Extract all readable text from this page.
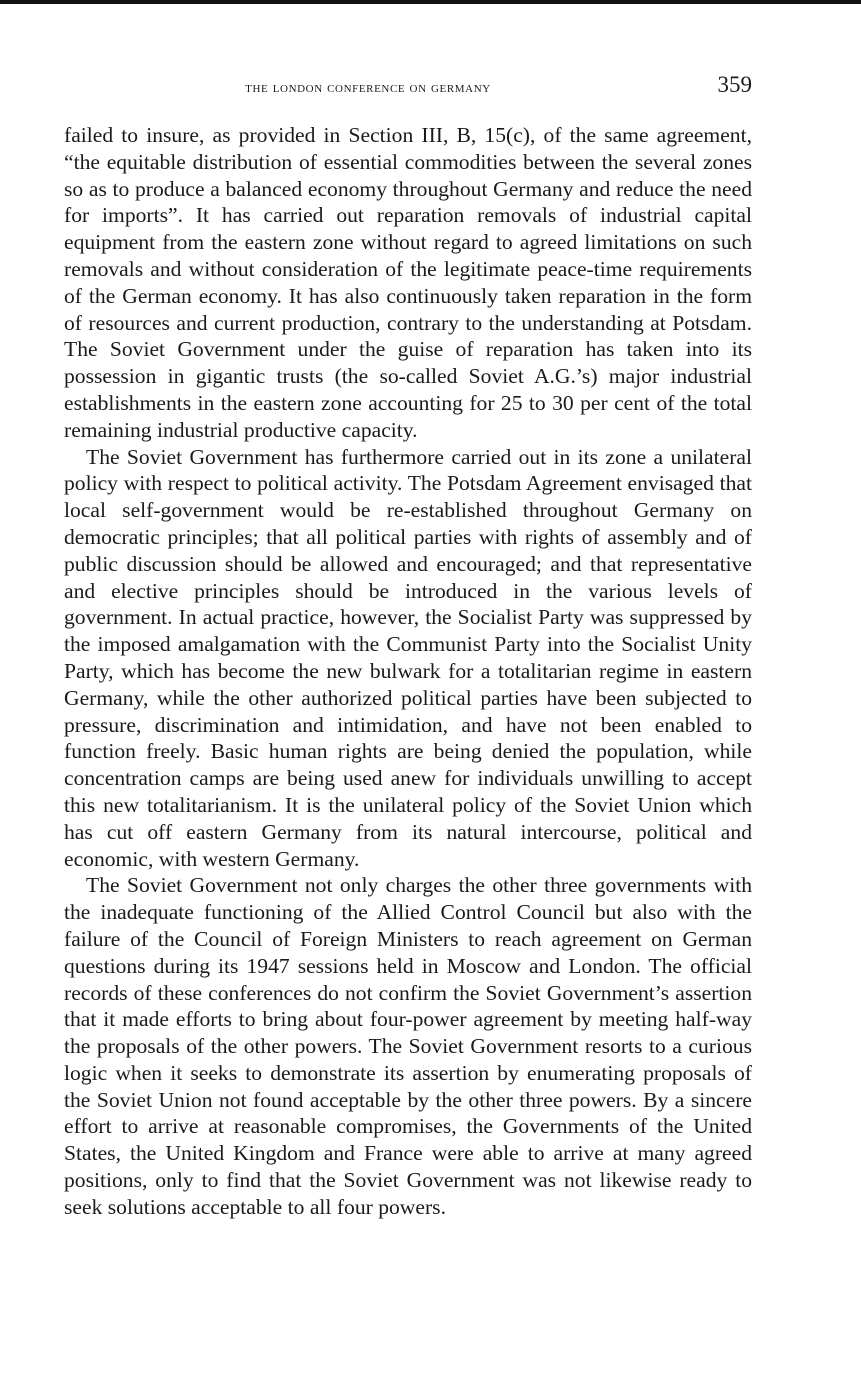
the london conference on germany	359

failed to insure, as provided in Section III, B, 15(c), of the same agreement, “the equitable distribution of essential commodities between the several zones so as to produce a balanced economy throughout Germany and reduce the need for imports”. It has carried out reparation removals of industrial capital equipment from the eastern zone without regard to agreed limitations on such removals and without consideration of the legitimate peace-time requirements of the German economy. It has also continuously taken reparation in the form of resources and current production, contrary to the understanding at Potsdam. The Soviet Government under the guise of reparation has taken into its possession in gigantic trusts (the so-called Soviet A.G.’s) major industrial establishments in the eastern zone accounting for 25 to 30 per cent of the total remaining industrial productive capacity.

The Soviet Government has furthermore carried out in its zone a unilateral policy with respect to political activity. The Potsdam Agreement envisaged that local self-government would be re-established throughout Germany on democratic principles; that all political parties with rights of assembly and of public discussion should be allowed and encouraged; and that representative and elective principles should be introduced in the various levels of government. In actual practice, however, the Socialist Party was suppressed by the imposed amalgamation with the Communist Party into the Socialist Unity Party, which has become the new bulwark for a totalitarian regime in eastern Germany, while the other authorized political parties have been subjected to pressure, discrimination and intimidation, and have not been enabled to function freely. Basic human rights are being denied the population, while concentration camps are being used anew for individuals unwilling to accept this new totalitarianism. It is the unilateral policy of the Soviet Union which has cut off eastern Germany from its natural intercourse, political and economic, with western Germany.

The Soviet Government not only charges the other three governments with the inadequate functioning of the Allied Control Council but also with the failure of the Council of Foreign Ministers to reach agreement on German questions during its 1947 sessions held in Moscow and London. The official records of these conferences do not confirm the Soviet Government’s assertion that it made efforts to bring about four-power agreement by meeting half-way the proposals of the other powers. The Soviet Government resorts to a curious logic when it seeks to demonstrate its assertion by enumerating proposals of the Soviet Union not found acceptable by the other three powers. By a sincere effort to arrive at reasonable compromises, the Governments of the United States, the United Kingdom and France were able to arrive at many agreed positions, only to find that the Soviet Government was not likewise ready to seek solutions acceptable to all four powers.
